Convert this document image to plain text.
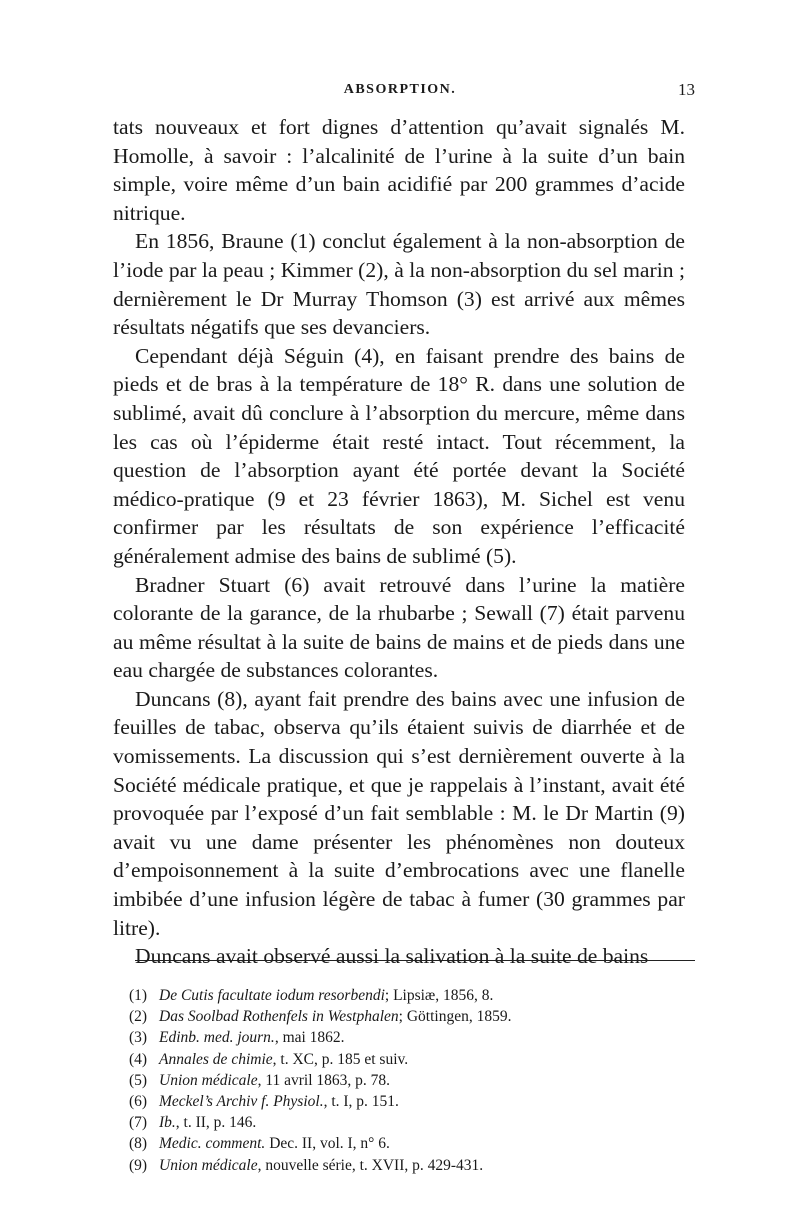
ABSORPTION.	13

tats nouveaux et fort dignes d’attention qu’avait signalés M. Homolle, à savoir : l’alcalinité de l’urine à la suite d’un bain simple, voire même d’un bain acidifié par 200 grammes d’acide nitrique.

En 1856, Braune (1) conclut également à la non-absorption de l’iode par la peau ; Kimmer (2), à la non-absorption du sel marin ; dernièrement le Dr Murray Thomson (3) est arrivé aux mêmes résultats négatifs que ses devanciers.

Cependant déjà Séguin (4), en faisant prendre des bains de pieds et de bras à la température de 18° R. dans une solution de sublimé, avait dû conclure à l’absorption du mercure, même dans les cas où l’épiderme était resté intact. Tout récemment, la question de l’absorption ayant été portée devant la Société médico-pratique (9 et 23 février 1863), M. Sichel est venu confirmer par les résultats de son expérience l’efficacité généralement admise des bains de sublimé (5).

Bradner Stuart (6) avait retrouvé dans l’urine la matière colorante de la garance, de la rhubarbe ; Sewall (7) était parvenu au même résultat à la suite de bains de mains et de pieds dans une eau chargée de substances colorantes.

Duncans (8), ayant fait prendre des bains avec une infusion de feuilles de tabac, observa qu’ils étaient suivis de diarrhée et de vomissements. La discussion qui s’est dernièrement ouverte à la Société médicale pratique, et que je rappelais à l’instant, avait été provoquée par l’exposé d’un fait semblable : M. le Dr Martin (9) avait vu une dame présenter les phénomènes non douteux d’empoisonnement à la suite d’embrocations avec une flanelle imbibée d’une infusion légère de tabac à fumer (30 grammes par litre).

Duncans avait observé aussi la salivation à la suite de bains

(1) De Cutis facultate iodum resorbendi; Lipsiæ, 1856, 8.
(2) Das Soolbad Rothenfels in Westphalen; Göttingen, 1859.
(3) Edinb. med. journ., mai 1862.
(4) Annales de chimie, t. XC, p. 185 et suiv.
(5) Union médicale, 11 avril 1863, p. 78.
(6) Meckel’s Archiv f. Physiol., t. I, p. 151.
(7) Ib., t. II, p. 146.
(8) Medic. comment. Dec. II, vol. I, n° 6.
(9) Union médicale, nouvelle série, t. XVII, p. 429-431.
